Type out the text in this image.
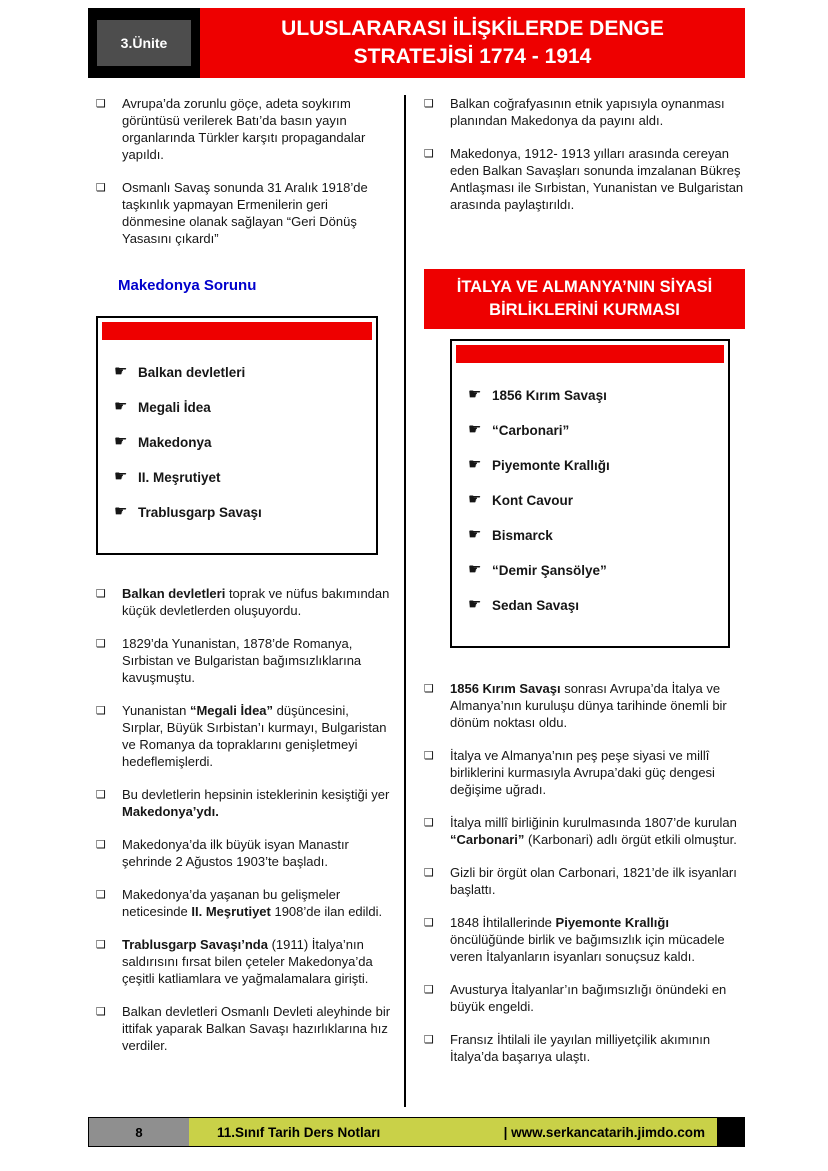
3.Ünite
ULUSLARARASI İLİŞKİLERDE DENGE STRATEJİSİ 1774 - 1914
❑	Avrupa’da zorunlu göçe, adeta soykırım görüntüsü verilerek Batı’da basın yayın organlarında Türkler karşıtı propagandalar yapıldı.
❑	Osmanlı Savaş sonunda 31 Aralık 1918’de taşkınlık yapmayan Ermenilerin geri dönmesine olanak sağlayan “Geri Dönüş Yasasını çıkardı”
Makedonya Sorunu
☛ Balkan devletleri
☛ Megali İdea
☛ Makedonya
☛ II. Meşrutiyet
☛ Trablusgarp Savaşı
❑	Balkan devletleri toprak ve nüfus bakımından küçük devletlerden oluşuyordu.
❑	1829’da Yunanistan, 1878’de Romanya, Sırbistan ve Bulgaristan bağımsızlıklarına kavuşmuştu.
❑	Yunanistan “Megali İdea” düşüncesini, Sırplar, Büyük Sırbistan’ı kurmayı, Bulgaristan ve Romanya da topraklarını genişletmeyi hedeflemişlerdi.
❑	Bu devletlerin hepsinin isteklerinin kesiştiği yer Makedonya’ydı.
❑	Makedonya’da ilk büyük isyan Manastır şehrinde 2 Ağustos 1903’te başladı.
❑	Makedonya’da yaşanan bu gelişmeler neticesinde II. Meşrutiyet 1908’de ilan edildi.
❑	Trablusgarp Savaşı’nda (1911) İtalya’nın saldırısını fırsat bilen çeteler Makedonya’da çeşitli katliamlara ve yağmalamalara girişti.
❑	Balkan devletleri Osmanlı Devleti aleyhinde bir ittifak yaparak Balkan Savaşı hazırlıklarına hız verdiler.
❑	Balkan coğrafyasının etnik yapısıyla oynanması planından Makedonya da payını aldı.
❑	Makedonya, 1912- 1913 yılları arasında cereyan eden Balkan Savaşları sonunda imzalanan Bükreş Antlaşması ile Sırbistan, Yunanistan ve Bulgaristan arasında paylaştırıldı.
İTALYA VE ALMANYA’NIN SİYASİ BİRLİKLERİNİ KURMASI
☛ 1856 Kırım Savaşı
☛ “Carbonari”
☛ Piyemonte Krallığı
☛ Kont Cavour
☛ Bismarck
☛ “Demir Şansölye”
☛ Sedan Savaşı
❑	1856 Kırım Savaşı sonrası Avrupa’da İtalya ve Almanya’nın kuruluşu dünya tarihinde önemli bir dönüm noktası oldu.
❑	İtalya ve Almanya’nın peş peşe siyasi ve millî birliklerini kurmasıyla Avrupa’daki güç dengesi değişime uğradı.
❑	İtalya millî birliğinin kurulmasında 1807’de kurulan “Carbonari” (Karbonari) adlı örgüt etkili olmuştur.
❑	Gizli bir örgüt olan Carbonari, 1821’de ilk isyanları başlattı.
❑	1848 İhtilallerinde Piyemonte Krallığı öncülüğünde birlik ve bağımsızlık için mücadele veren İtalyanların isyanları sonuçsuz kaldı.
❑	Avusturya İtalyanlar’ın bağımsızlığı önündeki en büyük engeldi.
❑	Fransız İhtilali ile yayılan milliyetçilik akımının İtalya’da başarıya ulaştı.
8	11.Sınıf Tarih Ders Notları	| www.serkancatarih.jimdo.com
